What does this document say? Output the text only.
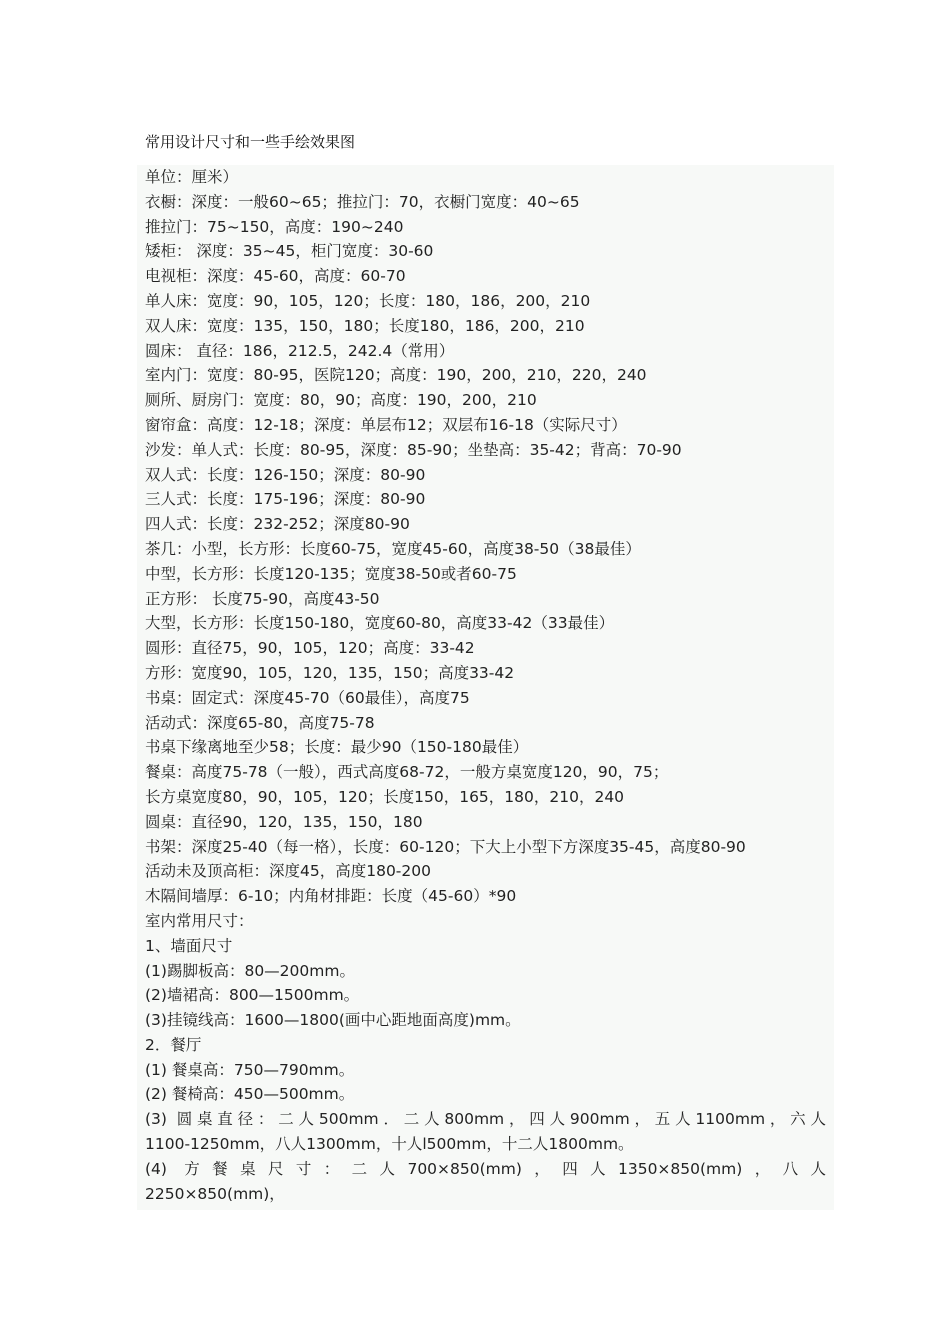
常用设计尺寸和一些手绘效果图
单位：厘米）
衣橱：深度：一般60~65；推拉门：70，衣橱门宽度：40~65
推拉门：75~150，高度：190~240
矮柜： 深度：35~45，柜门宽度：30-60
电视柜：深度：45-60，高度：60-70
单人床：宽度：90，105，120；长度：180，186，200，210
双人床：宽度：135，150，180；长度180，186，200，210
圆床： 直径：186，212.5，242.4（常用）
室内门：宽度：80-95，医院120；高度：190，200，210，220，240
厕所、厨房门：宽度：80，90；高度：190，200，210
窗帘盒：高度：12-18；深度：单层布12；双层布16-18（实际尺寸）
沙发：单人式：长度：80-95，深度：85-90；坐垫高：35-42；背高：70-90
双人式：长度：126-150；深度：80-90
三人式：长度：175-196；深度：80-90
四人式：长度：232-252；深度80-90
茶几：小型，长方形：长度60-75，宽度45-60，高度38-50（38最佳）
中型，长方形：长度120-135；宽度38-50或者60-75
正方形： 长度75-90，高度43-50
大型，长方形：长度150-180，宽度60-80，高度33-42（33最佳）
圆形：直径75，90，105，120；高度：33-42
方形：宽度90，105，120，135，150；高度33-42
书桌：固定式：深度45-70（60最佳），高度75
活动式：深度65-80，高度75-78
书桌下缘离地至少58；长度：最少90（150-180最佳）
餐桌：高度75-78（一般），西式高度68-72，一般方桌宽度120，90，75；
长方桌宽度80，90，105，120；长度150，165，180，210，240
圆桌：直径90，120，135，150，180
书架：深度25-40（每一格），长度：60-120；下大上小型下方深度35-45，高度80-90
活动未及顶高柜：深度45，高度180-200
木隔间墙厚：6-10；内角材排距：长度（45-60）*90
室内常用尺寸：
1、墙面尺寸
(1)踢脚板高：80—200mm。
(2)墙裙高：800—1500mm。
(3)挂镜线高：1600—1800(画中心距地面高度)mm。
2．餐厅
(1) 餐桌高：750—790mm。
(2) 餐椅高：450—500mm。
(3) 圆桌直径：二人500mm．二人800mm，四人900mm，五人1100mm，六人
1100-1250mm，八人1300mm，十人l500mm，十二人1800mm。
(4) 方餐桌尺寸：二人700×850(mm)，四人1350×850(mm)，八人
2250×850(mm)，
